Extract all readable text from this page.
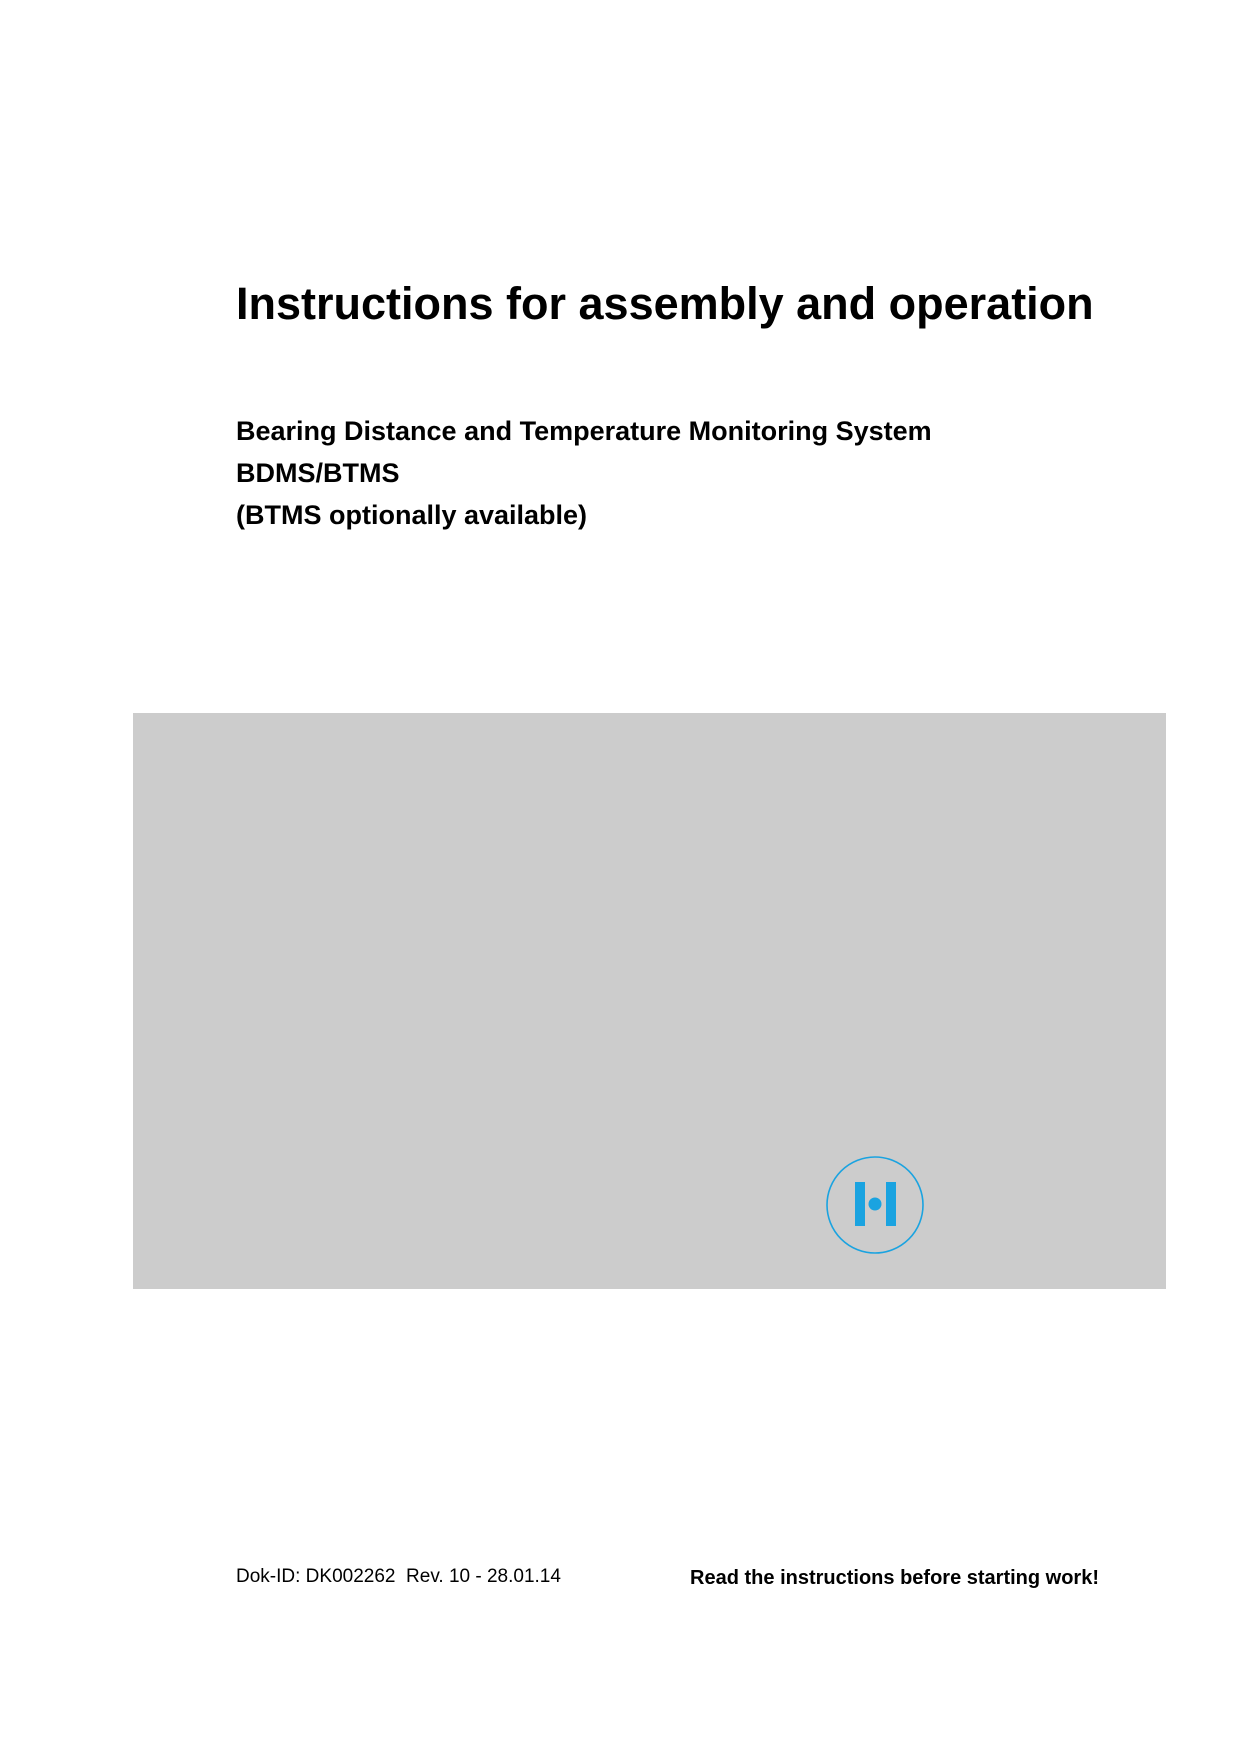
Instructions for assembly and operation
Bearing Distance and Temperature Monitoring System
BDMS/BTMS
(BTMS optionally available)
Dok-ID: DK002262  Rev. 10 - 28.01.14	Read the instructions before starting work!
